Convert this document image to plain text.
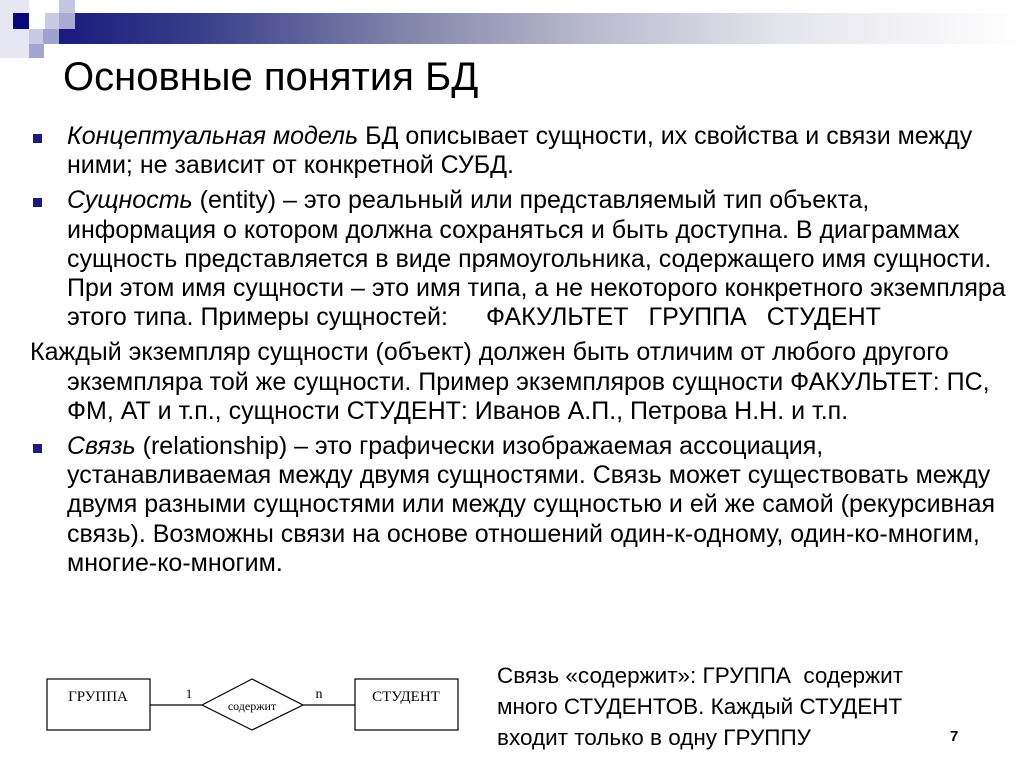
Основные понятия БД
Концептуальная модель БД описывает сущности, их свойства и связи между ними; не зависит от конкретной СУБД.
Сущность (entity) – это реальный или представляемый тип объекта, информация о котором должна сохраняться и быть доступна. В диаграммах сущность представляется в виде прямоугольника, содержащего имя сущности. При этом имя сущности – это имя типа, а не некоторого конкретного экземпляра этого типа. Примеры сущностей: ФАКУЛЬТЕТ ГРУППА СТУДЕНТ
Каждый экземпляр сущности (объект) должен быть отличим от любого другого экземпляра той же сущности. Пример экземпляров сущности ФАКУЛЬТЕТ: ПС, ФМ, АТ и т.п., сущности СТУДЕНТ: Иванов А.П., Петрова Н.Н. и т.п.
Связь (relationship) – это графически изображаемая ассоциация, устанавливаемая между двумя сущностями. Связь может существовать между двумя разными сущностями или между сущностью и ей же самой (рекурсивная связь). Возможны связи на основе отношений один-к-одному, один-ко-многим, многие-ко-многим.
ГРУППА	1
содержит
n	СТУДЕНТ
Связь «содержит»: ГРУППА  содержит
много СТУДЕНТОВ. Каждый СТУДЕНТ
входит только в одну ГРУППУ	7
